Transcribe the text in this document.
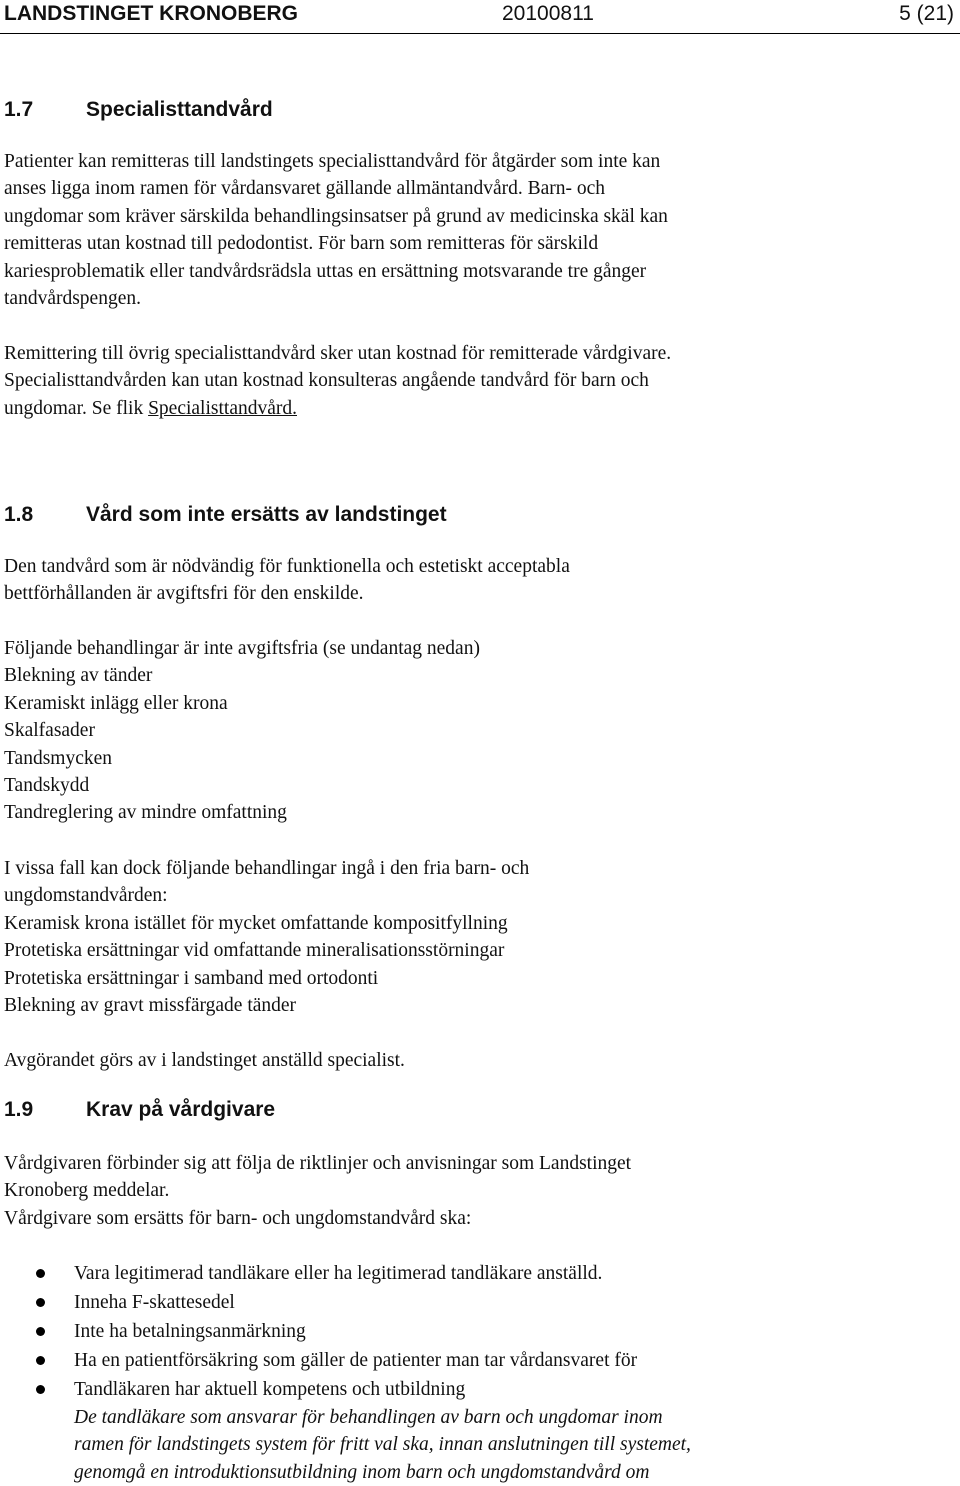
LANDSTINGET KRONOBERG	20100811	5 (21)
1.7	Specialisttandvård
Patienter kan remitteras till landstingets specialisttandvård för åtgärder som inte kan
anses ligga inom ramen för vårdansvaret gällande allmäntandvård. Barn- och
ungdomar som kräver särskilda behandlingsinsatser på grund av medicinska skäl kan
remitteras utan kostnad till pedodontist. För barn som remitteras för särskild
kariesproblematik eller tandvårdsrädsla uttas en ersättning motsvarande tre gånger
tandvårdspengen.
Remittering till övrig specialisttandvård sker utan kostnad för remitterade vårdgivare.
Specialisttandvården kan utan kostnad konsulteras angående tandvård för barn och
ungdomar. Se flik Specialisttandvård.
1.8	Vård som inte ersätts av landstinget
Den tandvård som är nödvändig för funktionella och estetiskt acceptabla
bettförhållanden är avgiftsfri för den enskilde.
Följande behandlingar är inte avgiftsfria (se undantag nedan)
Blekning av tänder
Keramiskt inlägg eller krona
Skalfasader
Tandsmycken
Tandskydd
Tandreglering av mindre omfattning
I vissa fall kan dock följande behandlingar ingå i den fria barn- och
ungdomstandvården:
Keramisk krona istället för mycket omfattande kompositfyllning
Protetiska ersättningar vid omfattande mineralisationsstörningar
Protetiska ersättningar i samband med ortodonti
Blekning av gravt missfärgade tänder
Avgörandet görs av i landstinget anställd specialist.
1.9	Krav på vårdgivare
Vårdgivaren förbinder sig att följa de riktlinjer och anvisningar som Landstinget
Kronoberg meddelar.
Vårdgivare som ersätts för barn- och ungdomstandvård ska:
Vara legitimerad tandläkare eller ha legitimerad tandläkare anställd.
Inneha F-skattesedel
Inte ha betalningsanmärkning
Ha en patientförsäkring som gäller de patienter man tar vårdansvaret för
Tandläkaren har aktuell kompetens och utbildning
De tandläkare som ansvarar för behandlingen av barn och ungdomar inom
ramen för landstingets system för fritt val ska, innan anslutningen till systemet,
genomgå en introduktionsutbildning inom barn och ungdomstandvård om
